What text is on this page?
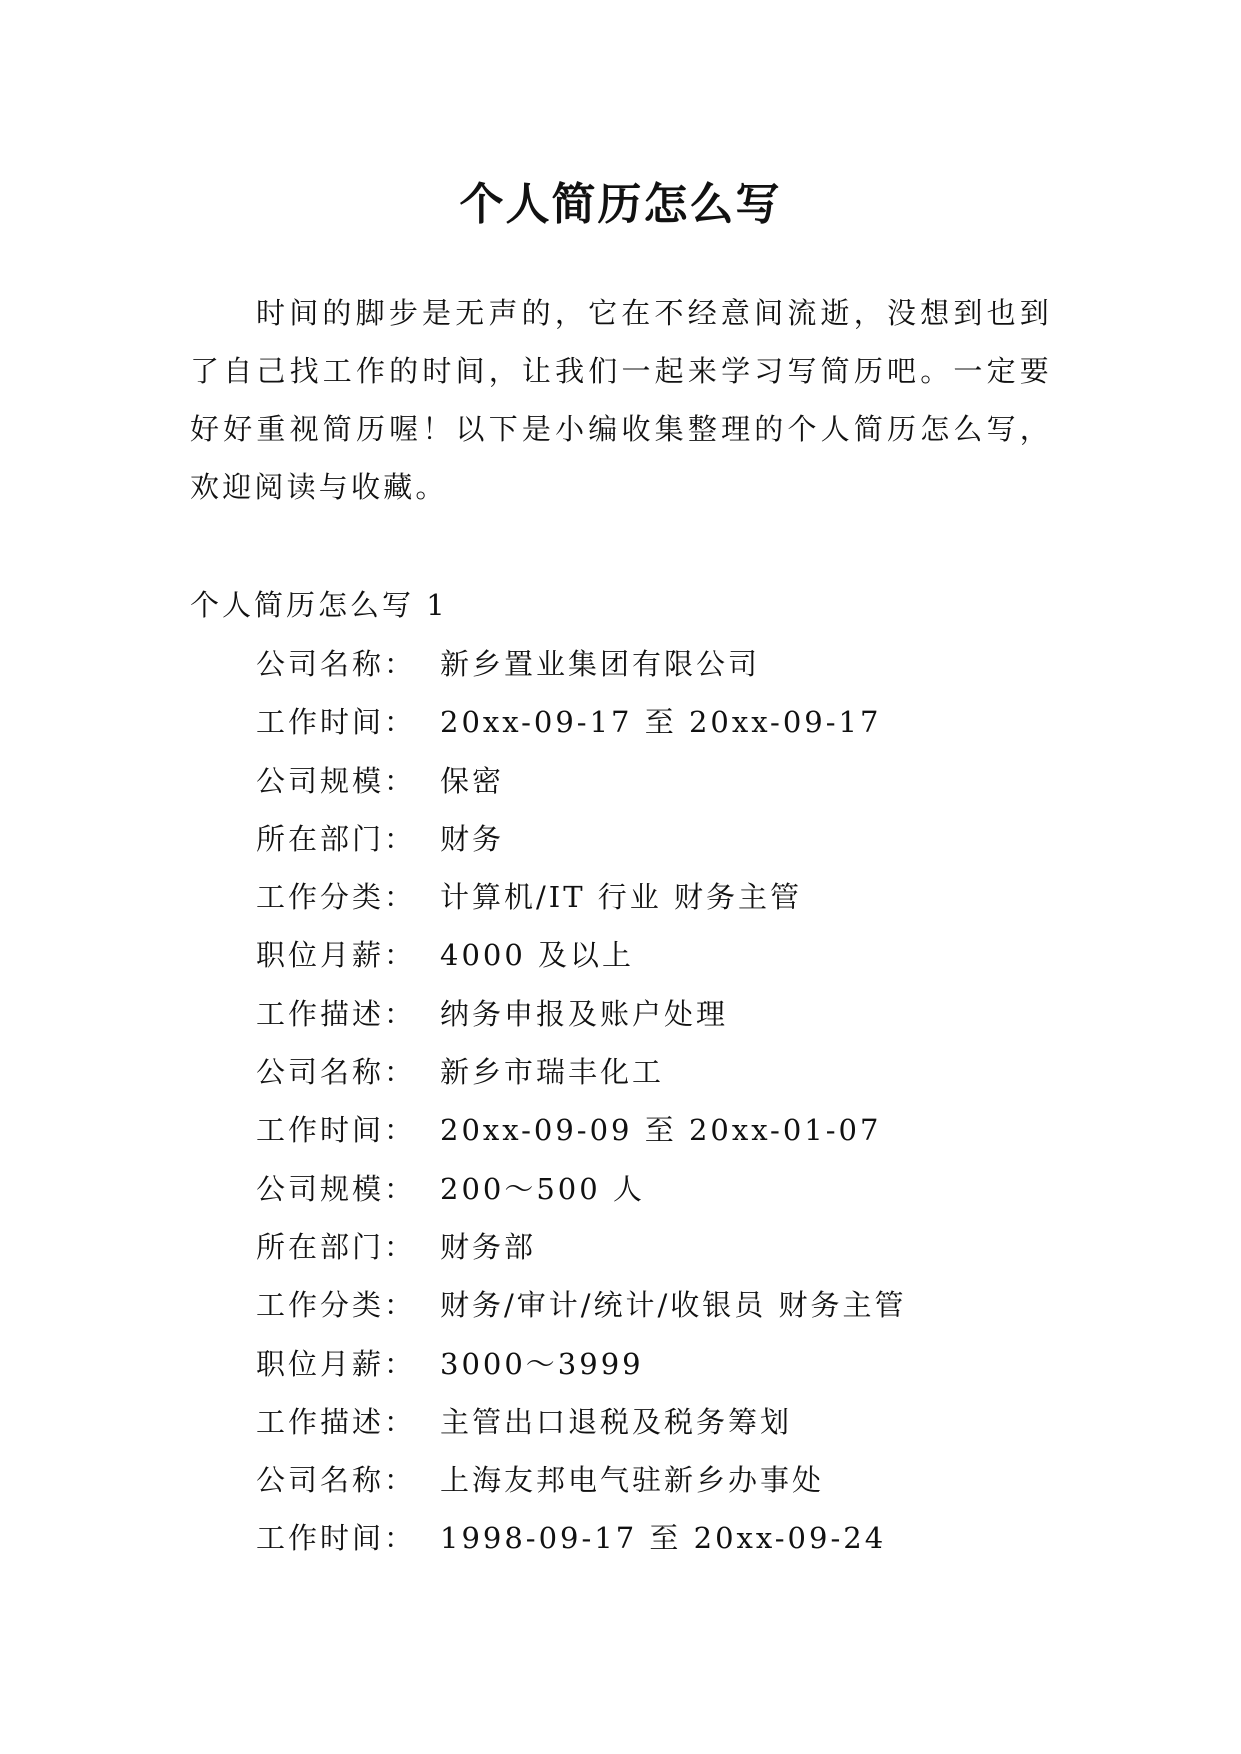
个人简历怎么写

时间的脚步是无声的，它在不经意间流逝，没想到也到了自己找工作的时间，让我们一起来学习写简历吧。一定要好好重视简历喔！以下是小编收集整理的个人简历怎么写，欢迎阅读与收藏。

个人简历怎么写 1
公司名称： 新乡置业集团有限公司
工作时间： 20xx-09-17 至 20xx-09-17
公司规模： 保密
所在部门： 财务
工作分类： 计算机/IT 行业 财务主管
职位月薪： 4000 及以上
工作描述： 纳务申报及账户处理
公司名称： 新乡市瑞丰化工
工作时间： 20xx-09-09 至 20xx-01-07
公司规模： 200～500 人
所在部门： 财务部
工作分类： 财务/审计/统计/收银员 财务主管
职位月薪： 3000～3999
工作描述： 主管出口退税及税务筹划
公司名称： 上海友邦电气驻新乡办事处
工作时间： 1998-09-17 至 20xx-09-24
